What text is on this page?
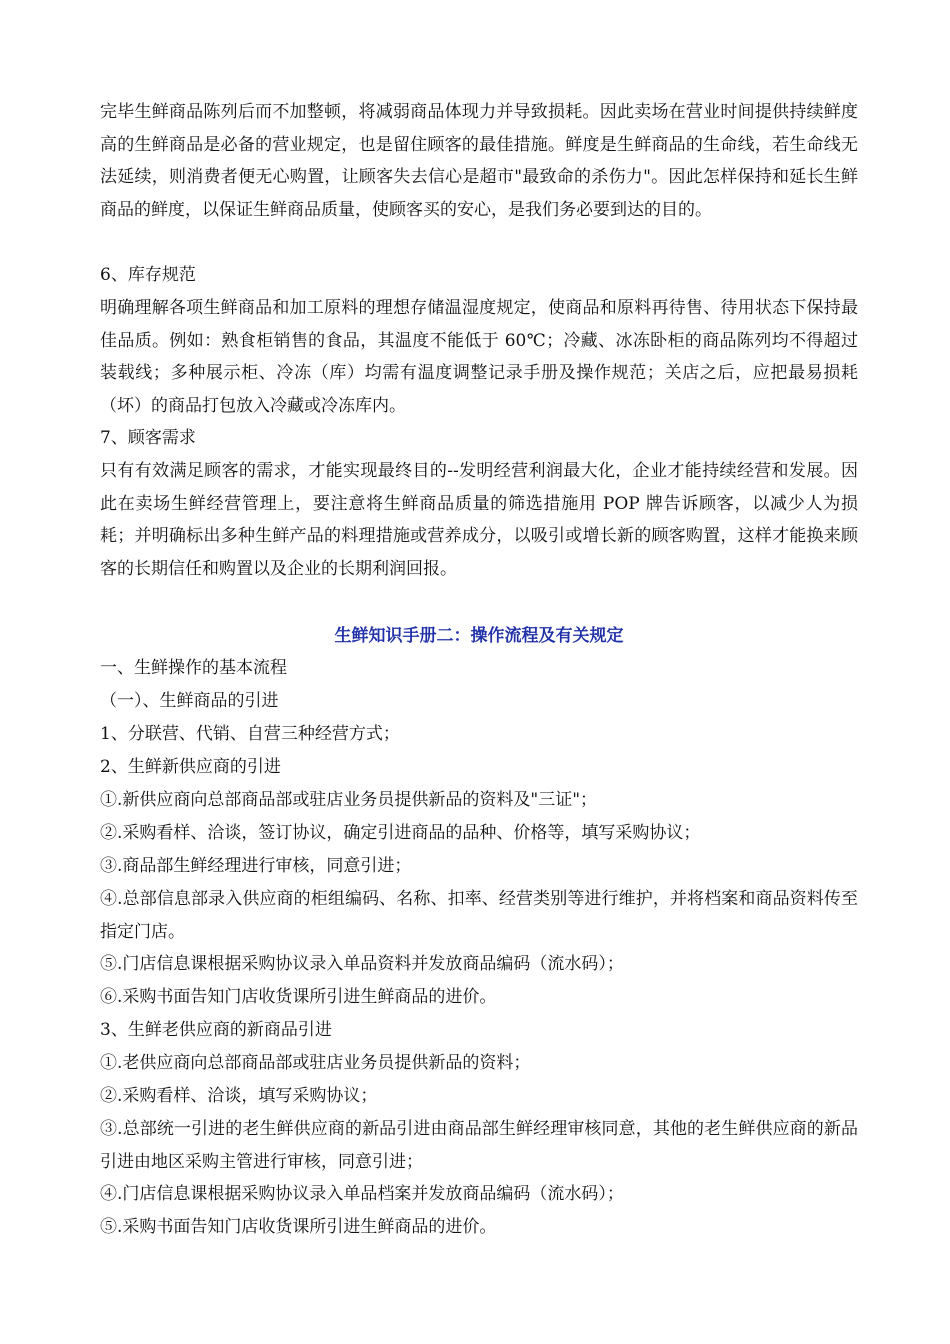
完毕生鲜商品陈列后而不加整顿，将减弱商品体现力并导致损耗。因此卖场在营业时间提供持续鲜度高的生鲜商品是必备的营业规定，也是留住顾客的最佳措施。鲜度是生鲜商品的生命线，若生命线无法延续，则消费者便无心购置，让顾客失去信心是超市"最致命的杀伤力"。因此怎样保持和延长生鲜商品的鲜度，以保证生鲜商品质量，使顾客买的安心，是我们务必要到达的目的。
6、库存规范
明确理解各项生鲜商品和加工原料的理想存储温湿度规定，使商品和原料再待售、待用状态下保持最佳品质。例如：熟食柜销售的食品，其温度不能低于 60℃；冷藏、冰冻卧柜的商品陈列均不得超过装载线；多种展示柜、冷冻（库）均需有温度调整记录手册及操作规范；关店之后，应把最易损耗（坏）的商品打包放入冷藏或冷冻库内。
7、顾客需求
只有有效满足顾客的需求，才能实现最终目的--发明经营利润最大化，企业才能持续经营和发展。因此在卖场生鲜经营管理上，要注意将生鲜商品质量的筛选措施用 POP 牌告诉顾客，以减少人为损耗；并明确标出多种生鲜产品的料理措施或营养成分，以吸引或增长新的顾客购置，这样才能换来顾客的长期信任和购置以及企业的长期利润回报。
生鲜知识手册二：操作流程及有关规定
一、生鲜操作的基本流程
（一）、生鲜商品的引进
1、分联营、代销、自营三种经营方式；
2、生鲜新供应商的引进
①.新供应商向总部商品部或驻店业务员提供新品的资料及"三证"；
②.采购看样、洽谈，签订协议，确定引进商品的品种、价格等，填写采购协议；
③.商品部生鲜经理进行审核，同意引进；
④.总部信息部录入供应商的柜组编码、名称、扣率、经营类别等进行维护，并将档案和商品资料传至指定门店。
⑤.门店信息课根据采购协议录入单品资料并发放商品编码（流水码）；
⑥.采购书面告知门店收货课所引进生鲜商品的进价。
3、生鲜老供应商的新商品引进
①.老供应商向总部商品部或驻店业务员提供新品的资料；
②.采购看样、洽谈，填写采购协议；
③.总部统一引进的老生鲜供应商的新品引进由商品部生鲜经理审核同意，其他的老生鲜供应商的新品引进由地区采购主管进行审核，同意引进；
④.门店信息课根据采购协议录入单品档案并发放商品编码（流水码）；
⑤.采购书面告知门店收货课所引进生鲜商品的进价。
